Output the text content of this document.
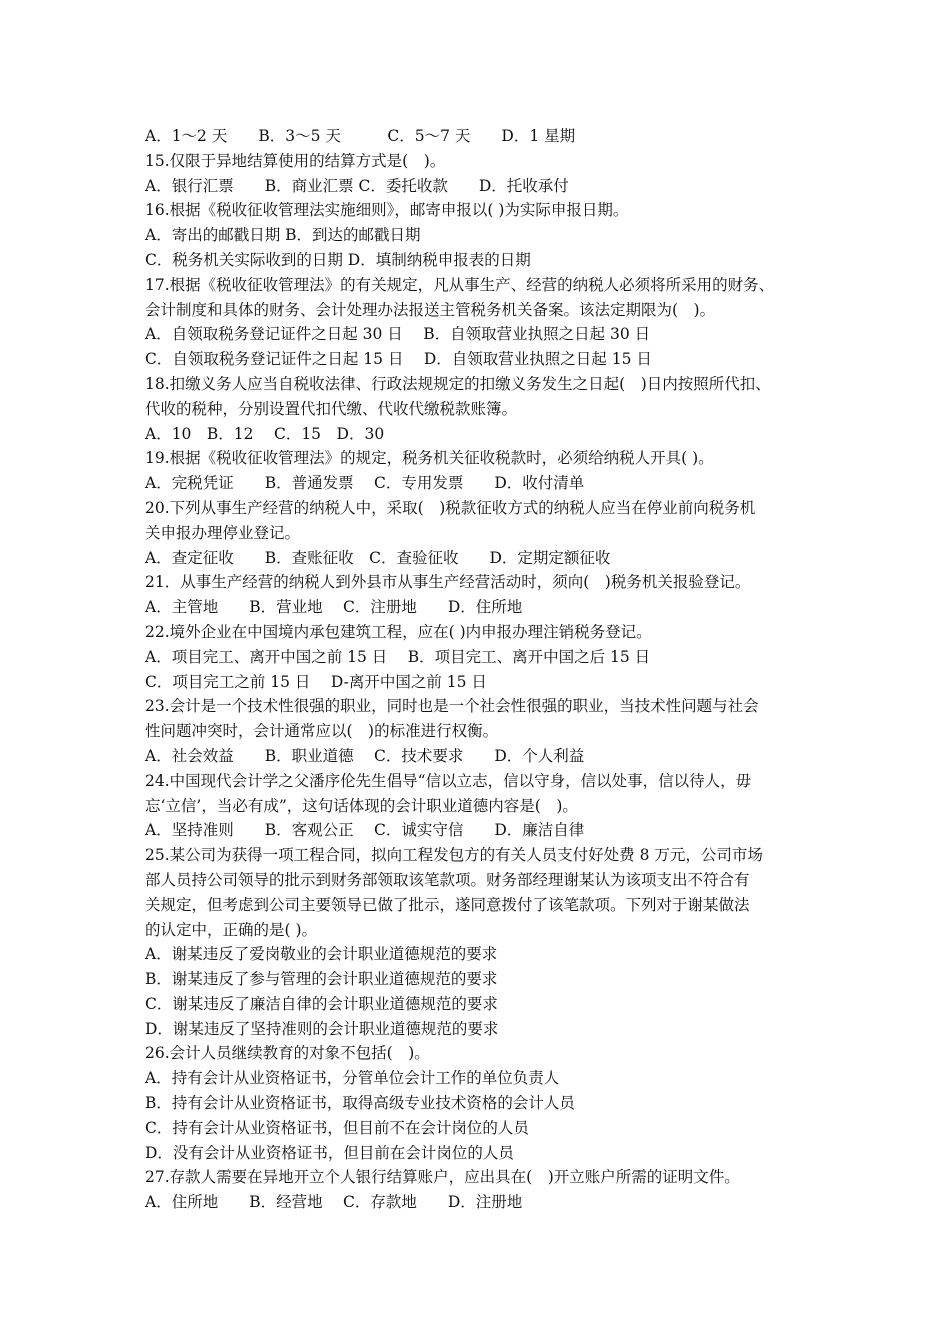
A．1～2 天　　B．3～5 天　　　C．5～7 天　　D．1 星期
15.仅限于异地结算使用的结算方式是(　)。
A．银行汇票　　B．商业汇票 C．委托收款　　D．托收承付
16.根据《税收征收管理法实施细则》，邮寄申报以( )为实际申报日期。
A．寄出的邮戳日期 B．到达的邮戳日期
C．税务机关实际收到的日期 D．填制纳税申报表的日期
17.根据《税收征收管理法》的有关规定，凡从事生产、经营的纳税人必须将所采用的财务、
会计制度和具体的财务、会计处理办法报送主管税务机关备案。该法定期限为(　)。
A．自领取税务登记证件之日起 30 日　 B．自领取营业执照之日起 30 日
C．自领取税务登记证件之日起 15 日　 D．自领取营业执照之日起 15 日
18.扣缴义务人应当自税收法律、行政法规规定的扣缴义务发生之日起(　)日内按照所代扣、
代收的税种，分别设置代扣代缴、代收代缴税款账簿。
A．10　B．12　 C．15　D．30
19.根据《税收征收管理法》的规定，税务机关征收税款时，必须给纳税人开具( )。
A．完税凭证　　B．普通发票　 C．专用发票　　D．收付清单
20.下列从事生产经营的纳税人中，采取(　)税款征收方式的纳税人应当在停业前向税务机
关申报办理停业登记。
A．查定征收　　B．查账征收　C．查验征收　　D．定期定额征收
21．从事生产经营的纳税人到外县市从事生产经营活动时，须向(　)税务机关报验登记。
A．主管地　　B．营业地　 C．注册地　　D．住所地
22.境外企业在中国境内承包建筑工程，应在( )内申报办理注销税务登记。
A．项目完工、离开中国之前 15 日　 B．项目完工、离开中国之后 15 日
C．项目完工之前 15 日　 D-离开中国之前 15 日
23.会计是一个技术性很强的职业，同时也是一个社会性很强的职业，当技术性问题与社会
性问题冲突时，会计通常应以(　)的标准进行权衡。
A．社会效益　　B．职业道德　 C．技术要求　　D．个人利益
24.中国现代会计学之父潘序伦先生倡导“信以立志，信以守身，信以处事，信以待人，毋
忘‘立信’，当必有成”，这句话体现的会计职业道德内容是(　)。
A．坚持准则　　B．客观公正　 C．诚实守信　　D．廉洁自律
25.某公司为获得一项工程合同，拟向工程发包方的有关人员支付好处费 8 万元，公司市场
部人员持公司领导的批示到财务部领取该笔款项。财务部经理谢某认为该项支出不符合有
关规定，但考虑到公司主要领导已做了批示，遂同意拨付了该笔款项。下列对于谢某做法
的认定中，正确的是( )。
A．谢某违反了爱岗敬业的会计职业道德规范的要求
B．谢某违反了参与管理的会计职业道德规范的要求
C．谢某违反了廉洁自律的会计职业道德规范的要求
D．谢某违反了坚持准则的会计职业道德规范的要求
26.会计人员继续教育的对象不包括(　)。
A．持有会计从业资格证书，分管单位会计工作的单位负责人
B．持有会计从业资格证书，取得高级专业技术资格的会计人员
C．持有会计从业资格证书，但目前不在会计岗位的人员
D．没有会计从业资格证书，但目前在会计岗位的人员
27.存款人需要在异地开立个人银行结算账户，应出具在(　)开立账户所需的证明文件。
A．住所地　　B．经营地　 C．存款地　　D．注册地
